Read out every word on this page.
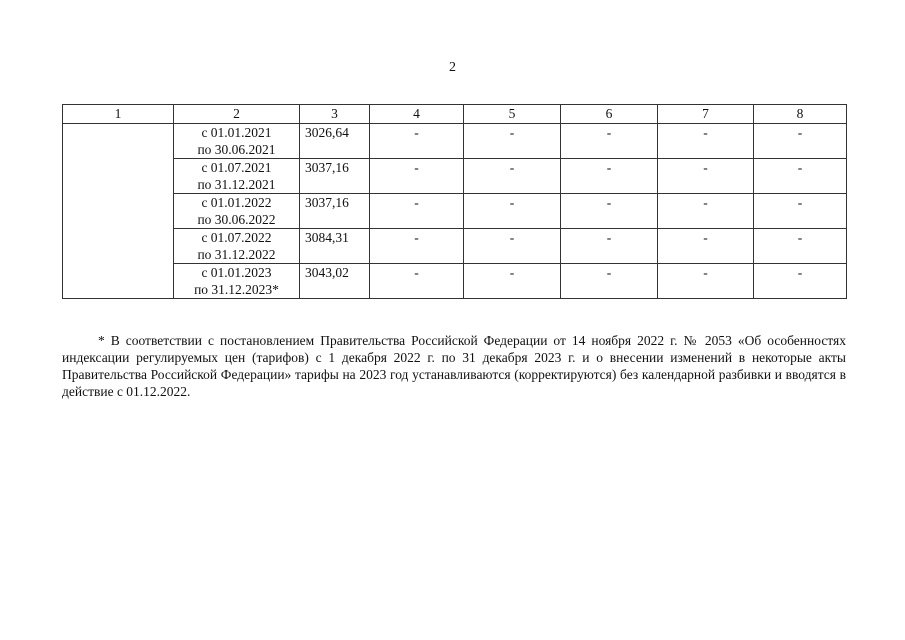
2
1	2	3	4	5	6	7	8

	с 01.01.2021
по 30.06.2021	3026,64	-	-	-	-	-

	с 01.07.2021
по 31.12.2021	3037,16	-	-	-	-	-

	с 01.01.2022
по 30.06.2022	3037,16	-	-	-	-	-

	с 01.07.2022
по 31.12.2022	3084,31	-	-	-	-	-

	с 01.01.2023
по 31.12.2023*	3043,02	-	-	-	-	-

* В соответствии с постановлением Правительства Российской Федерации от 14 ноября 2022 г. № 2053 «Об особенностях индексации регулируемых цен (тарифов) с 1 декабря 2022 г. по 31 декабря 2023 г. и о внесении изменений в некоторые акты Правительства Российской Федерации» тарифы на 2023 год устанавливаются (корректируются) без календарной разбивки и вводятся в действие с 01.12.2022.
